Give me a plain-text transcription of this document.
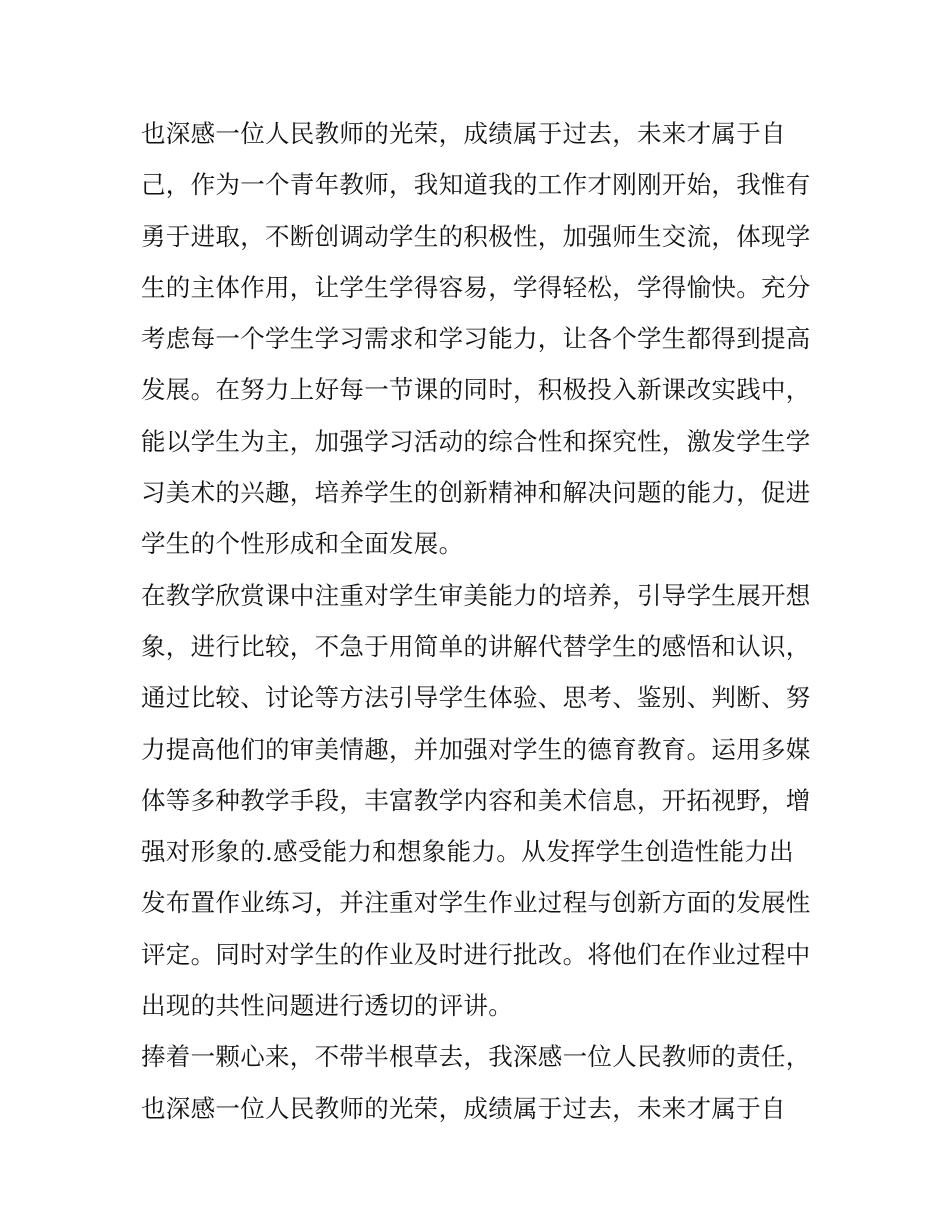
也深感一位人民教师的光荣，成绩属于过去，未来才属于自
己，作为一个青年教师，我知道我的工作才刚刚开始，我惟有
勇于进取，不断创调动学生的积极性，加强师生交流，体现学
生的主体作用，让学生学得容易，学得轻松，学得愉快。充分
考虑每一个学生学习需求和学习能力，让各个学生都得到提高
发展。在努力上好每一节课的同时，积极投入新课改实践中，
能以学生为主，加强学习活动的综合性和探究性，激发学生学
习美术的兴趣，培养学生的创新精神和解决问题的能力，促进
学生的个性形成和全面发展。
在教学欣赏课中注重对学生审美能力的培养，引导学生展开想
象，进行比较，不急于用简单的讲解代替学生的感悟和认识，
通过比较、讨论等方法引导学生体验、思考、鉴别、判断、努
力提高他们的审美情趣，并加强对学生的德育教育。运用多媒
体等多种教学手段，丰富教学内容和美术信息，开拓视野，增
强对形象的.感受能力和想象能力。从发挥学生创造性能力出
发布置作业练习，并注重对学生作业过程与创新方面的发展性
评定。同时对学生的作业及时进行批改。将他们在作业过程中
出现的共性问题进行透切的评讲。
捧着一颗心来，不带半根草去，我深感一位人民教师的责任，
也深感一位人民教师的光荣，成绩属于过去，未来才属于自
